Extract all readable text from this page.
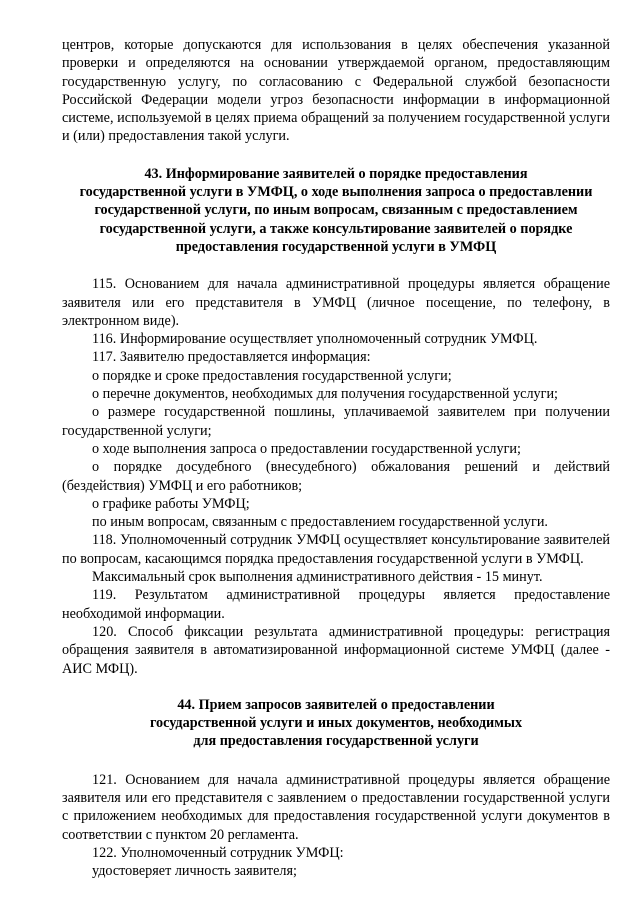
центров, которые допускаются для использования в целях обеспечения указанной проверки и определяются на основании утверждаемой органом, предоставляющим государственную услугу, по согласованию с Федеральной службой безопасности Российской Федерации модели угроз безопасности информации в информационной системе, используемой в целях приема обращений за получением государственной услуги и (или) предоставления такой услуги.

43. Информирование заявителей о порядке предоставления
государственной услуги в УМФЦ, о ходе выполнения запроса о предоставлении
государственной услуги, по иным вопросам, связанным с предоставлением
государственной услуги, а также консультирование заявителей о порядке
предоставления государственной услуги в УМФЦ

115. Основанием для начала административной процедуры является обращение заявителя или его представителя в УМФЦ (личное посещение, по телефону, в электронном виде).

116. Информирование осуществляет уполномоченный сотрудник УМФЦ.

117. Заявителю предоставляется информация:

о порядке и сроке предоставления государственной услуги;

о перечне документов, необходимых для получения государственной услуги;

о размере государственной пошлины, уплачиваемой заявителем при получении государственной услуги;

о ходе выполнения запроса о предоставлении государственной услуги;

о порядке досудебного (внесудебного) обжалования решений и действий (бездействия) УМФЦ и его работников;

о графике работы УМФЦ;

по иным вопросам, связанным с предоставлением государственной услуги.

118. Уполномоченный сотрудник УМФЦ осуществляет консультирование заявителей по вопросам, касающимся порядка предоставления государственной услуги в УМФЦ.

Максимальный срок выполнения административного действия - 15 минут.

119. Результатом административной процедуры является предоставление необходимой информации.

120. Способ фиксации результата административной процедуры: регистрация обращения заявителя в автоматизированной информационной системе УМФЦ (далее - АИС МФЦ).

44. Прием запросов заявителей о предоставлении
государственной услуги и иных документов, необходимых
для предоставления государственной услуги

121. Основанием для начала административной процедуры является обращение заявителя или его представителя с заявлением о предоставлении государственной услуги с приложением необходимых для предоставления государственной услуги документов в соответствии с пунктом 20 регламента.

122. Уполномоченный сотрудник УМФЦ:

удостоверяет личность заявителя;
